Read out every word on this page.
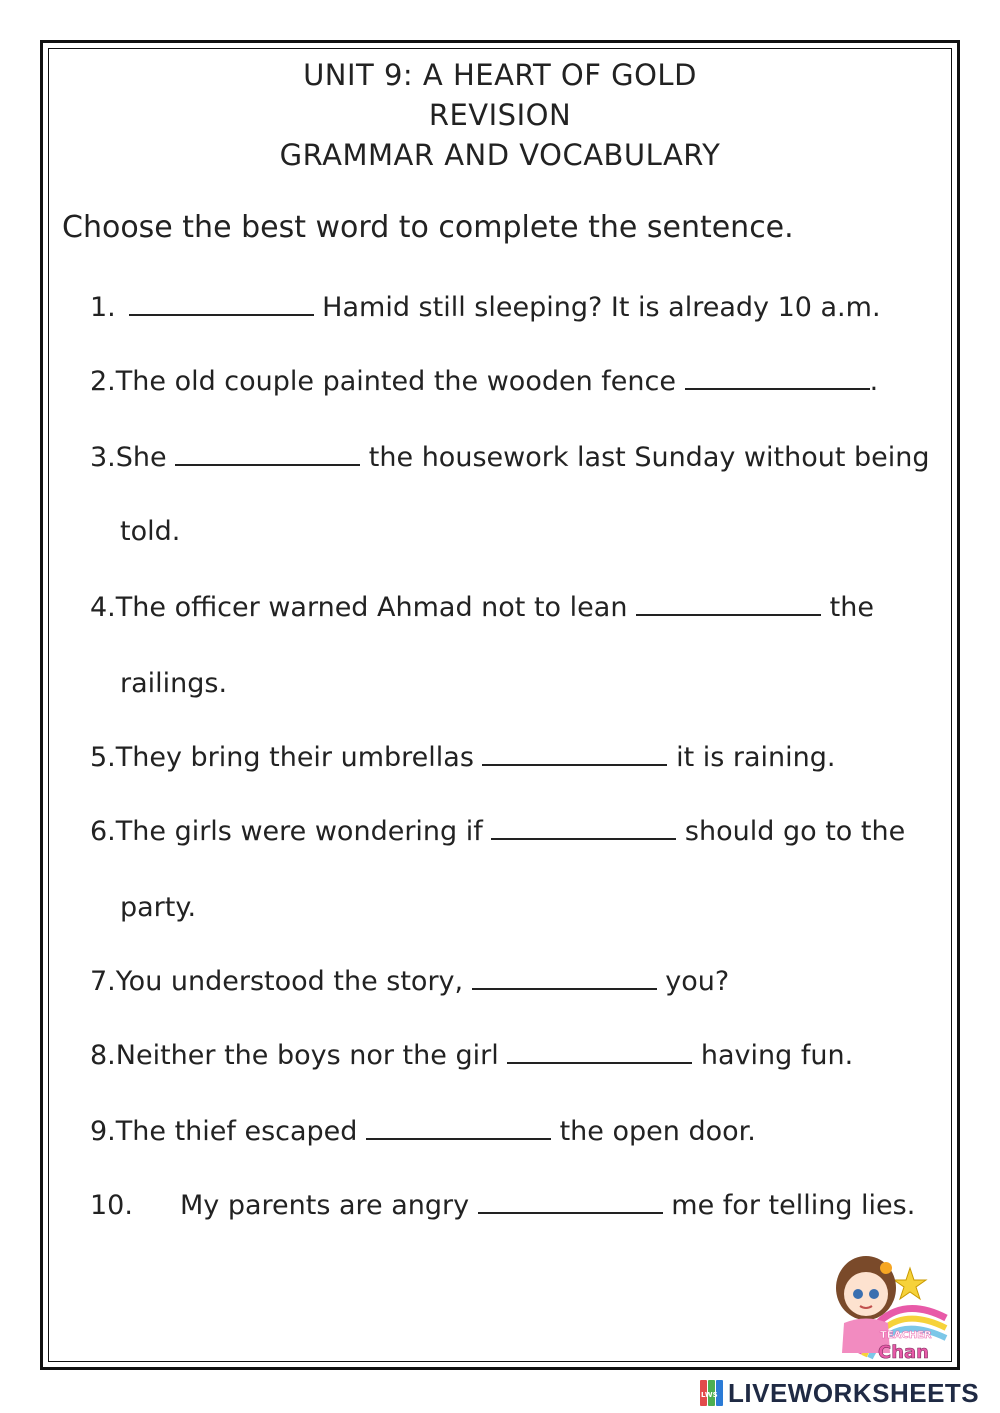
UNIT 9: A HEART OF GOLD
REVISION
GRAMMAR AND VOCABULARY
Choose the best word to complete the sentence.
1.	Hamid still sleeping? It is already 10 a.m.
2.The old couple painted the wooden fence	.
3.She	the housework last Sunday without being
told.
4.The officer warned Ahmad not to lean	the
railings.
5.They bring their umbrellas	it is raining.
6.The girls were wondering if	should go to the
party.
7.You understood the story,	you?
8.Neither the boys nor the girl	having fun.
9.The thief escaped	the open door.
10. My parents are angry	me for telling lies.
TEACHER
Chan
LWS LIVEWORKSHEETS
